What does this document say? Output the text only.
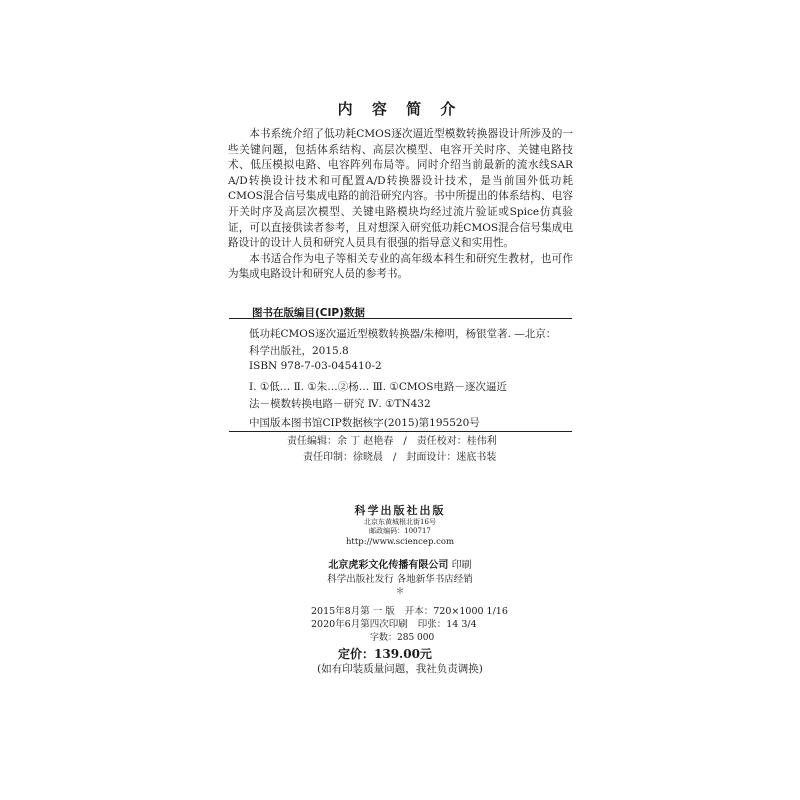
内 容 简 介

本书系统介绍了低功耗CMOS逐次逼近型模数转换器设计所涉及的一些关键问题，包括体系结构、高层次模型、电容开关时序、关键电路技术、低压模拟电路、电容阵列布局等。同时介绍当前最新的流水线SAR A/D转换设计技术和可配置A/D转换器设计技术，是当前国外低功耗CMOS混合信号集成电路的前沿研究内容。书中所提出的体系结构、电容开关时序及高层次模型、关键电路模块均经过流片验证或Spice仿真验证，可以直接供读者参考，且对想深入研究低功耗CMOS混合信号集成电路设计的设计人员和研究人员具有很强的指导意义和实用性。

本书适合作为电子等相关专业的高年级本科生和研究生教材，也可作为集成电路设计和研究人员的参考书。

图书在版编目(CIP)数据
低功耗CMOS逐次逼近型模数转换器/朱樟明，杨银堂著. —北京：
科学出版社，2015.8
ISBN 978-7-03-045410-2
Ⅰ. ①低… Ⅱ. ①朱…②杨… Ⅲ. ①CMOS电路－逐次逼近
法－模数转换电路－研究 Ⅳ. ①TN432
中国版本图书馆CIP数据核字(2015)第195520号
责任编辑：余 丁 赵艳春 / 责任校对：桂伟利
责任印制：徐晓晨 / 封面设计：迷底书装
科学出版社出版
北京东黄城根北街16号
邮政编码：100717
http://www.sciencep.com
北京虎彩文化传播有限公司 印刷
科学出版社发行 各地新华书店经销
＊
2015年8月第 一 版 开本：720×1000 1/16
2020年6月第四次印刷 印张：14 3/4
字数：285 000
定价：139.00元
(如有印装质量问题，我社负责调换)
